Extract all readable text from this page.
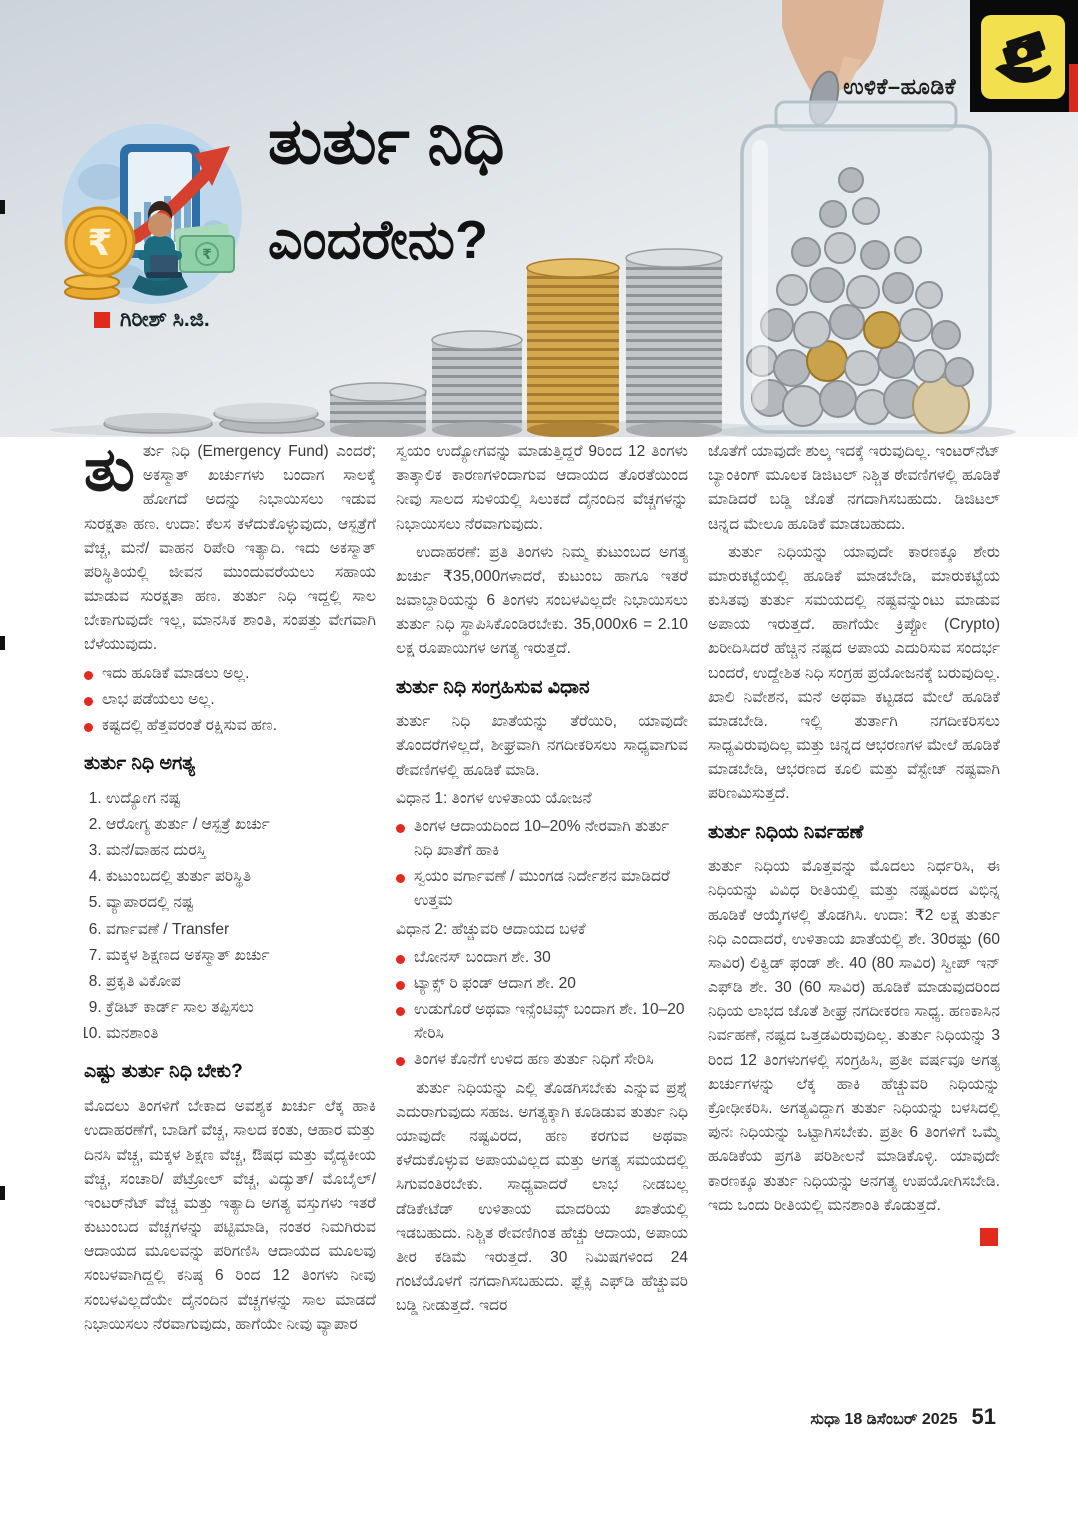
ಉಳಿಕೆ–ಹೂಡಿಕೆ
₹
₹
ತುರ್ತು ನಿಧಿ
ಎಂದರೇನು?
ಗಿರೀಶ್ ಸಿ.ಜಿ.

ತುರ್ತು ನಿಧಿ (Emergency Fund) ಎಂದರೆ; ಅಕಸ್ಮಾತ್ ಖರ್ಚುಗಳು ಬಂದಾಗ ಸಾಲಕ್ಕೆ ಹೋಗದೆ ಅದನ್ನು ನಿಭಾಯಿಸಲು ಇಡುವ ಸುರಕ್ಷತಾ ಹಣ. ಉದಾ: ಕೆಲಸ ಕಳೆದುಕೊಳ್ಳುವುದು, ಆಸ್ಪತ್ರೆಗೆ ವೆಚ್ಚ, ಮನೆ/ ವಾಹನ ರಿಪೇರಿ ಇತ್ಯಾದಿ. ಇದು ಅಕಸ್ಮಾತ್ ಪರಿಸ್ಥಿತಿಯಲ್ಲಿ ಜೀವನ ಮುಂದುವರೆಯಲು ಸಹಾಯ ಮಾಡುವ ಸುರಕ್ಷತಾ ಹಣ. ತುರ್ತು ನಿಧಿ ಇದ್ದಲ್ಲಿ ಸಾಲ ಬೇಕಾಗುವುದೇ ಇಲ್ಲ, ಮಾನಸಿಕ ಶಾಂತಿ, ಸಂಪತ್ತು ವೇಗವಾಗಿ ಬೆಳೆಯುವುದು.

ಇದು ಹೂಡಿಕೆ ಮಾಡಲು ಅಲ್ಲ.
ಲಾಭ ಪಡೆಯಲು ಅಲ್ಲ.
ಕಷ್ಟದಲ್ಲಿ ಹೆತ್ತವರಂತೆ ರಕ್ಷಿಸುವ ಹಣ.
ತುರ್ತು ನಿಧಿ ಅಗತ್ಯ
1. ಉದ್ಯೋಗ ನಷ್ಟ
2. ಆರೋಗ್ಯ ತುರ್ತು / ಆಸ್ಪತ್ರೆ ಖರ್ಚು
3. ಮನೆ/ವಾಹನ ದುರಸ್ತಿ
4. ಕುಟುಂಬದಲ್ಲಿ ತುರ್ತು ಪರಿಸ್ಥಿತಿ
5. ವ್ಯಾಪಾರದಲ್ಲಿ ನಷ್ಟ
6. ವರ್ಗಾವಣೆ / Transfer
7. ಮಕ್ಕಳ ಶಿಕ್ಷಣದ ಅಕಸ್ಮಾತ್ ಖರ್ಚು
8. ಪ್ರಕೃತಿ ವಿಕೋಪ
9. ಕ್ರೆಡಿಟ್ ಕಾರ್ಡ್ ಸಾಲ ತಪ್ಪಿಸಲು
10. ಮನಶಾಂತಿ
ಎಷ್ಟು ತುರ್ತು ನಿಧಿ ಬೇಕು?

ಮೊದಲು ತಿಂಗಳಿಗೆ ಬೇಕಾದ ಅವಶ್ಯಕ ಖರ್ಚು ಲೆಕ್ಕ ಹಾಕಿ ಉದಾಹರಣೆಗೆ, ಬಾಡಿಗೆ ವೆಚ್ಚ, ಸಾಲದ ಕಂತು, ಆಹಾರ ಮತ್ತು ದಿನಸಿ ವೆಚ್ಚ, ಮಕ್ಕಳ ಶಿಕ್ಷಣ ವೆಚ್ಚ, ಔಷಧ ಮತ್ತು ವೈದ್ಯಕೀಯ ವೆಚ್ಚ, ಸಂಚಾರಿ/ ಪೆಟ್ರೋಲ್ ವೆಚ್ಚ, ವಿದ್ಯುತ್/ ಮೊಬೈಲ್/ ಇಂಟರ್‌ನೆಟ್ ವೆಚ್ಚ ಮತ್ತು ಇತ್ಯಾದಿ ಅಗತ್ಯ ವಸ್ತುಗಳು ಇತರೆ ಕುಟುಂಬದ ವೆಚ್ಚಗಳನ್ನು ಪಟ್ಟಿಮಾಡಿ, ನಂತರ ನಿಮಗಿರುವ ಆದಾಯದ ಮೂಲವನ್ನು ಪರಿಗಣಿಸಿ ಆದಾಯದ ಮೂಲವು ಸಂಬಳವಾಗಿದ್ದಲ್ಲಿ ಕನಿಷ್ಠ 6 ರಿಂದ 12 ತಿಂಗಳು ನೀವು ಸಂಬಳವಿಲ್ಲದೆಯೇ ದೈನಂದಿನ ವೆಚ್ಚಗಳನ್ನು ಸಾಲ ಮಾಡದೆ ನಿಭಾಯಿಸಲು ನೆರವಾಗುವುದು, ಹಾಗೆಯೇ ನೀವು ವ್ಯಾಪಾರ

ಸ್ವಯಂ ಉದ್ಯೋಗವನ್ನು ಮಾಡುತ್ತಿದ್ದರೆ 9ರಿಂದ 12 ತಿಂಗಳು ತಾತ್ಕಾಲಿಕ ಕಾರಣಗಳಿಂದಾಗುವ ಆದಾಯದ ತೊರತೆಯಿಂದ ನೀವು ಸಾಲದ ಸುಳಿಯಲ್ಲಿ ಸಿಲುಕದೆ ದೈನಂದಿನ ವೆಚ್ಚಗಳನ್ನು ನಿಭಾಯಿಸಲು ನೆರವಾಗುವುದು.

ಉದಾಹರಣೆ: ಪ್ರತಿ ತಿಂಗಳು ನಿಮ್ಮ ಕುಟುಂಬದ ಅಗತ್ಯ ಖರ್ಚು ₹35,000ಗಳಾದರೆ, ಕುಟುಂಬ ಹಾಗೂ ಇತರೆ ಜವಾಬ್ದಾರಿಯನ್ನು 6 ತಿಂಗಳು ಸಂಬಳವಿಲ್ಲದೇ ನಿಭಾಯಿಸಲು ತುರ್ತು ನಿಧಿ ಸ್ಥಾಪಿಸಿಕೊಂಡಿರಬೇಕು. 35,000x6 = 2.10 ಲಕ್ಷ ರೂಪಾಯಿಗಳ ಅಗತ್ಯ ಇರುತ್ತದೆ.

ತುರ್ತು ನಿಧಿ ಸಂಗ್ರಹಿಸುವ ವಿಧಾನ

ತುರ್ತು ನಿಧಿ ಖಾತೆಯನ್ನು ತೆರೆಯಿರಿ, ಯಾವುದೇ ತೊಂದರೆಗಳಿಲ್ಲದೆ, ಶೀಘ್ರವಾಗಿ ನಗದೀಕರಿಸಲು ಸಾಧ್ಯವಾಗುವ ಠೇವಣಿಗಳಲ್ಲಿ ಹೂಡಿಕೆ ಮಾಡಿ.

ವಿಧಾನ 1: ತಿಂಗಳ ಉಳಿತಾಯ ಯೋಜನೆ

ತಿಂಗಳ ಆದಾಯದಿಂದ 10–20% ನೇರವಾಗಿ ತುರ್ತು ನಿಧಿ ಖಾತೆಗೆ ಹಾಕಿ
ಸ್ವಯಂ ವರ್ಗಾವಣೆ / ಮುಂಗಡ ನಿರ್ದೇಶನ ಮಾಡಿದರೆ ಉತ್ತಮ

ವಿಧಾನ 2: ಹೆಚ್ಚುವರಿ ಆದಾಯದ ಬಳಕೆ

ಬೋನಸ್ ಬಂದಾಗ ಶೇ. 30
ಟ್ಯಾಕ್ಸ್ ರಿ ಫಂಡ್ ಆದಾಗ ಶೇ. 20
ಉಡುಗೊರೆ ಅಥವಾ ಇನ್ಸೆಂಟಿವ್ಸ್ ಬಂದಾಗ ಶೇ. 10–20 ಸೇರಿಸಿ
ತಿಂಗಳ ಕೊನೆಗೆ ಉಳಿದ ಹಣ ತುರ್ತು ನಿಧಿಗೆ ಸೇರಿಸಿ

ತುರ್ತು ನಿಧಿಯನ್ನು ಎಲ್ಲಿ ತೊಡಗಿಸಬೇಕು ಎನ್ನುವ ಪ್ರಶ್ನೆ ಎದುರಾಗುವುದು ಸಹಜ. ಅಗತ್ಯಕ್ಕಾಗಿ ಕೂಡಿಡುವ ತುರ್ತು ನಿಧಿ ಯಾವುದೇ ನಷ್ಟವಿರದ, ಹಣ ಕರಗುವ ಅಥವಾ ಕಳೆದುಕೊಳ್ಳುವ ಅಪಾಯವಿಲ್ಲದ ಮತ್ತು ಅಗತ್ಯ ಸಮಯದಲ್ಲಿ ಸಿಗುವಂತಿರಬೇಕು. ಸಾಧ್ಯವಾದರೆ ಲಾಭ ನೀಡಬಲ್ಲ ಡೆಡಿಕೇಟೆಡ್ ಉಳಿತಾಯ ಮಾದರಿಯ ಖಾತೆಯಲ್ಲಿ ಇಡಬಹುದು. ನಿಶ್ಚಿತ ಠೇವಣಿಗಿಂತ ಹೆಚ್ಚು ಆದಾಯ, ಅಪಾಯ ತೀರ ಕಡಿಮೆ ಇರುತ್ತದೆ. 30 ನಿಮಿಷಗಳಿಂದ 24 ಗಂಟೆಯೊಳಗೆ ನಗದಾಗಿಸಬಹುದು. ಫ್ಲೆಕ್ಸಿ ಎಫ್‌ಡಿ ಹೆಚ್ಚುವರಿ ಬಡ್ಡಿ ನೀಡುತ್ತದೆ. ಇದರ

ಜೊತೆಗೆ ಯಾವುದೇ ಶುಲ್ಕ ಇದಕ್ಕೆ ಇರುವುದಿಲ್ಲ. ಇಂಟರ್‌ನೆಟ್ ಬ್ಯಾಂಕಿಂಗ್ ಮೂಲಕ ಡಿಜಿಟಲ್ ನಿಶ್ಚಿತ ಠೇವಣಿಗಳಲ್ಲಿ ಹೂಡಿಕೆ ಮಾಡಿದರೆ ಬಡ್ಡಿ ಜೊತೆ ನಗದಾಗಿಸಬಹುದು. ಡಿಜಿಟಲ್ ಚಿನ್ನದ ಮೇಲೂ ಹೂಡಿಕೆ ಮಾಡಬಹುದು.

ತುರ್ತು ನಿಧಿಯನ್ನು ಯಾವುದೇ ಕಾರಣಕ್ಕೂ ಶೇರು ಮಾರುಕಟ್ಟೆಯಲ್ಲಿ ಹೂಡಿಕೆ ಮಾಡಬೇಡಿ, ಮಾರುಕಟ್ಟೆಯ ಕುಸಿತವು ತುರ್ತು ಸಮಯದಲ್ಲಿ ನಷ್ಟವನ್ನುಂಟು ಮಾಡುವ ಅಪಾಯ ಇರುತ್ತದೆ. ಹಾಗೆಯೇ ಕ್ರಿಪ್ಟೋ (Crypto) ಖರೀದಿಸಿದರೆ ಹೆಚ್ಚಿನ ನಷ್ಟದ ಅಪಾಯ ಎದುರಿಸುವ ಸಂದರ್ಭ ಬಂದರೆ, ಉದ್ದೇಶಿತ ನಿಧಿ ಸಂಗ್ರಹ ಪ್ರಯೋಜನಕ್ಕೆ ಬರುವುದಿಲ್ಲ. ಖಾಲಿ ನಿವೇಶನ, ಮನೆ ಅಥವಾ ಕಟ್ಟಡದ ಮೇಲೆ ಹೂಡಿಕೆ ಮಾಡಬೇಡಿ. ಇಲ್ಲಿ ತುರ್ತಾಗಿ ನಗದೀಕರಿಸಲು ಸಾಧ್ಯವಿರುವುದಿಲ್ಲ ಮತ್ತು ಚಿನ್ನದ ಆಭರಣಗಳ ಮೇಲೆ ಹೂಡಿಕೆ ಮಾಡಬೇಡಿ, ಆಭರಣದ ಕೂಲಿ ಮತ್ತು ವೆಸ್ಟೇಜ್ ನಷ್ಟವಾಗಿ ಪರಿಣಮಿಸುತ್ತದೆ.

ತುರ್ತು ನಿಧಿಯ ನಿರ್ವಹಣೆ

ತುರ್ತು ನಿಧಿಯ ಮೊತ್ತವನ್ನು ಮೊದಲು ನಿರ್ಧರಿಸಿ, ಈ ನಿಧಿಯನ್ನು ವಿವಿಧ ರೀತಿಯಲ್ಲಿ ಮತ್ತು ನಷ್ಟವಿರದ ವಿಭಿನ್ನ ಹೂಡಿಕೆ ಆಯ್ಕೆಗಳಲ್ಲಿ ತೊಡಗಿಸಿ. ಉದಾ: ₹2 ಲಕ್ಷ ತುರ್ತು ನಿಧಿ ಎಂದಾದರೆ, ಉಳಿತಾಯ ಖಾತೆಯಲ್ಲಿ ಶೇ. 30ರಷ್ಟು (60 ಸಾವಿರ) ಲಿಕ್ವಿಡ್ ಫಂಡ್ ಶೇ. 40 (80 ಸಾವಿರ) ಸ್ವೀಪ್ ಇನ್ ಎಫ್‌ಡಿ ಶೇ. 30 (60 ಸಾವಿರ) ಹೂಡಿಕೆ ಮಾಡುವುದರಿಂದ ನಿಧಿಯ ಲಾಭದ ಜೊತೆ ಶೀಘ್ರ ನಗದೀಕರಣ ಸಾಧ್ಯ. ಹಣಕಾಸಿನ ನಿರ್ವಹಣೆ, ನಷ್ಟದ ಒತ್ತಡವಿರುವುದಿಲ್ಲ. ತುರ್ತು ನಿಧಿಯನ್ನು 3 ರಿಂದ 12 ತಿಂಗಳುಗಳಲ್ಲಿ ಸಂಗ್ರಹಿಸಿ, ಪ್ರತೀ ವರ್ಷವೂ ಅಗತ್ಯ ಖರ್ಚುಗಳನ್ನು ಲೆಕ್ಕ ಹಾಕಿ ಹೆಚ್ಚುವರಿ ನಿಧಿಯನ್ನು ಕ್ರೋಢೀಕರಿಸಿ. ಅಗತ್ಯವಿದ್ದಾಗ ತುರ್ತು ನಿಧಿಯನ್ನು ಬಳಸಿದಲ್ಲಿ ಪುನಃ ನಿಧಿಯನ್ನು ಒಟ್ಟಾಗಿಸಬೇಕು. ಪ್ರತೀ 6 ತಿಂಗಳಿಗೆ ಒಮ್ಮೆ ಹೂಡಿಕೆಯ ಪ್ರಗತಿ ಪರಿಶೀಲನೆ ಮಾಡಿಕೊಳ್ಳಿ. ಯಾವುದೇ ಕಾರಣಕ್ಕೂ ತುರ್ತು ನಿಧಿಯನ್ನು ಅನಗತ್ಯ ಉಪಯೋಗಿಸಬೇಡಿ. ಇದು ಒಂದು ರೀತಿಯಲ್ಲಿ ಮನಶಾಂತಿ ಕೊಡುತ್ತದೆ.

ಸುಧಾ 18 ಡಿಸೆಂಬರ್ 2025 51
